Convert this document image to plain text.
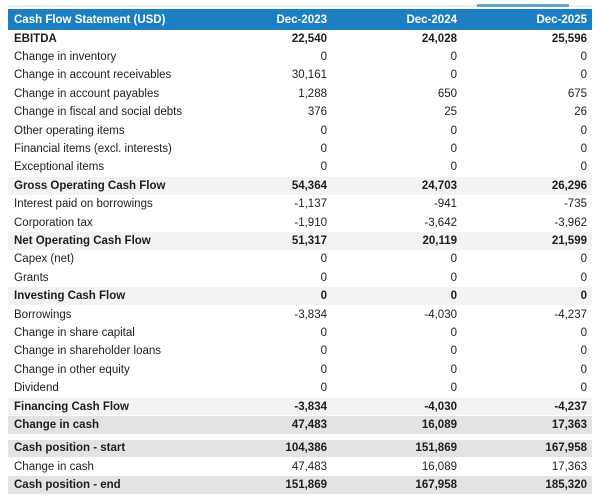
Cash Flow Statement (USD)	Dec-2023	Dec-2024	Dec-2025
EBITDA	22,540	24,028	25,596
Change in inventory	0	0	0
Change in account receivables	30,161	0	0
Change in account payables	1,288	650	675
Change in fiscal and social debts	376	25	26
Other operating items	0	0	0
Financial items (excl. interests)	0	0	0
Exceptional items	0	0	0
Gross Operating Cash Flow	54,364	24,703	26,296
Interest paid on borrowings	-1,137	-941	-735
Corporation tax	-1,910	-3,642	-3,962
Net Operating Cash Flow	51,317	20,119	21,599
Capex (net)	0	0	0
Grants	0	0	0
Investing Cash Flow	0	0	0
Borrowings	-3,834	-4,030	-4,237
Change in share capital	0	0	0
Change in shareholder loans	0	0	0
Change in other equity	0	0	0
Dividend	0	0	0
Financing Cash Flow	-3,834	-4,030	-4,237
Change in cash	47,483	16,089	17,363
Cash position - start	104,386	151,869	167,958
Change in cash	47,483	16,089	17,363
Cash position - end	151,869	167,958	185,320
